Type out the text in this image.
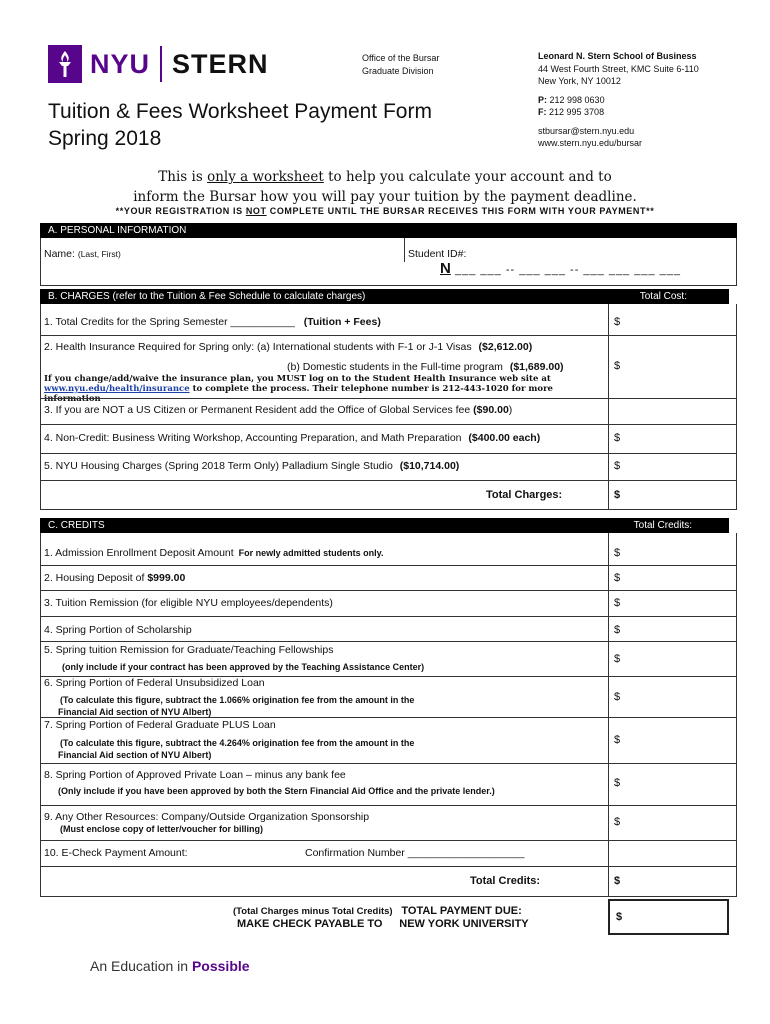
NYU STERN	Office of the Bursar
Graduate Division
Leonard N. Stern School of Business
44 West Fourth Street, KMC Suite 6-110
New York, NY 10012
P: 212 998 0630
F: 212 995 3708
stbursar@stern.nyu.edu
www.stern.nyu.edu/bursar
Tuition & Fees Worksheet Payment Form
Spring 2018
This is only a worksheet to help you calculate your account and to
inform the Bursar how you will pay your tuition by the payment deadline.
**YOUR REGISTRATION IS NOT COMPLETE UNTIL THE BURSAR RECEIVES THIS FORM WITH YOUR PAYMENT**
A. PERSONAL INFORMATION
Name: (Last, First)	Student ID#:
N ___ ___ -- ___ ___ -- ___ ___ ___ ___
B. CHARGES (refer to the Tuition & Fee Schedule to calculate charges)	Total Cost:
1. Total Credits for the Spring Semester ___________ (Tuition + Fees)	$
2. Health Insurance Required for Spring only: (a) International students with F-1 or J-1 Visas ($2,612.00)
(b) Domestic students in the Full-time program ($1,689.00)	$
If you change/add/waive the insurance plan, you MUST log on to the Student Health Insurance web site at
www.nyu.edu/health/insurance to complete the process. Their telephone number is 212-443-1020 for more information
3. If you are NOT a US Citizen or Permanent Resident add the Office of Global Services fee ($90.00)
4. Non-Credit: Business Writing Workshop, Accounting Preparation, and Math Preparation ($400.00 each)	$
5. NYU Housing Charges (Spring 2018 Term Only) Palladium Single Studio ($10,714.00)	$
Total Charges:	$
C. CREDITS	Total Credits:
1. Admission Enrollment Deposit Amount For newly admitted students only.	$
2. Housing Deposit of $999.00	$
3. Tuition Remission (for eligible NYU employees/dependents)	$
4. Spring Portion of Scholarship	$
5. Spring tuition Remission for Graduate/Teaching Fellowships
(only include if your contract has been approved by the Teaching Assistance Center)
$
6. Spring Portion of Federal Unsubsidized Loan
(To calculate this figure, subtract the 1.066% origination fee from the amount in the
Financial Aid section of NYU Albert)
$
7. Spring Portion of Federal Graduate PLUS Loan
(To calculate this figure, subtract the 4.264% origination fee from the amount in the
Financial Aid section of NYU Albert)
$
8. Spring Portion of Approved Private Loan – minus any bank fee
(Only include if you have been approved by both the Stern Financial Aid Office and the private lender.)
$
9. Any Other Resources: Company/Outside Organization Sponsorship
(Must enclose copy of letter/voucher for billing)
$
10. E-Check Payment Amount:	Confirmation Number ____________________
Total Credits:	$
(Total Charges minus Total Credits) TOTAL PAYMENT DUE:
MAKE CHECK PAYABLE TO NEW YORK UNIVERSITY
$
An Education in Possible
